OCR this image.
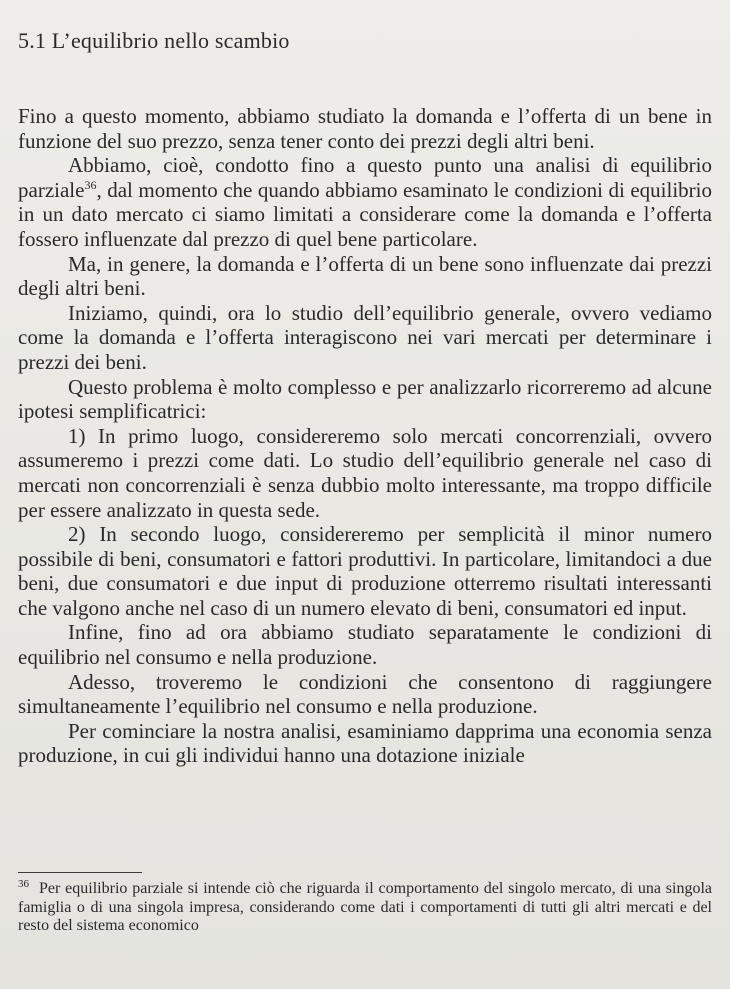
5.1 L’equilibrio nello scambio

Fino a questo momento, abbiamo studiato la domanda e l’offerta di un bene in funzione del suo prezzo, senza tener conto dei prezzi degli altri beni.

Abbiamo, cioè, condotto fino a questo punto una analisi di equilibrio parziale$^{36}$, dal momento che quando abbiamo esaminato le condizioni di equilibrio in un dato mercato ci siamo limitati a considerare come la domanda e l’offerta fossero influenzate dal prezzo di quel bene particolare.

Ma, in genere, la domanda e l’offerta di un bene sono influenzate dai prezzi degli altri beni.

Iniziamo, quindi, ora lo studio dell’equilibrio generale, ovvero vediamo come la domanda e l’offerta interagiscono nei vari mercati per determinare i prezzi dei beni.

Questo problema è molto complesso e per analizzarlo ricorreremo ad alcune ipotesi semplificatrici:

1) In primo luogo, considereremo solo mercati concorrenziali, ovvero assumeremo i prezzi come dati. Lo studio dell’equilibrio generale nel caso di mercati non concorrenziali è senza dubbio molto interessante, ma troppo difficile per essere analizzato in questa sede.

2) In secondo luogo, considereremo per semplicità il minor numero possibile di beni, consumatori e fattori produttivi. In particolare, limitandoci a due beni, due consumatori e due input di produzione otterremo risultati interessanti che valgono anche nel caso di un numero elevato di beni, consumatori ed input.

Infine, fino ad ora abbiamo studiato separatamente le condizioni di equilibrio nel consumo e nella produzione.

Adesso, troveremo le condizioni che consentono di raggiungere simultaneamente l’equilibrio nel consumo e nella produzione.

Per cominciare la nostra analisi, esaminiamo dapprima una economia senza produzione, in cui gli individui hanno una dotazione iniziale

$^{36}$ Per equilibrio parziale si intende ciò che riguarda il comportamento del singolo mercato, di una singola famiglia o di una singola impresa, considerando come dati i comportamenti di tutti gli altri mercati e del resto del sistema economico
